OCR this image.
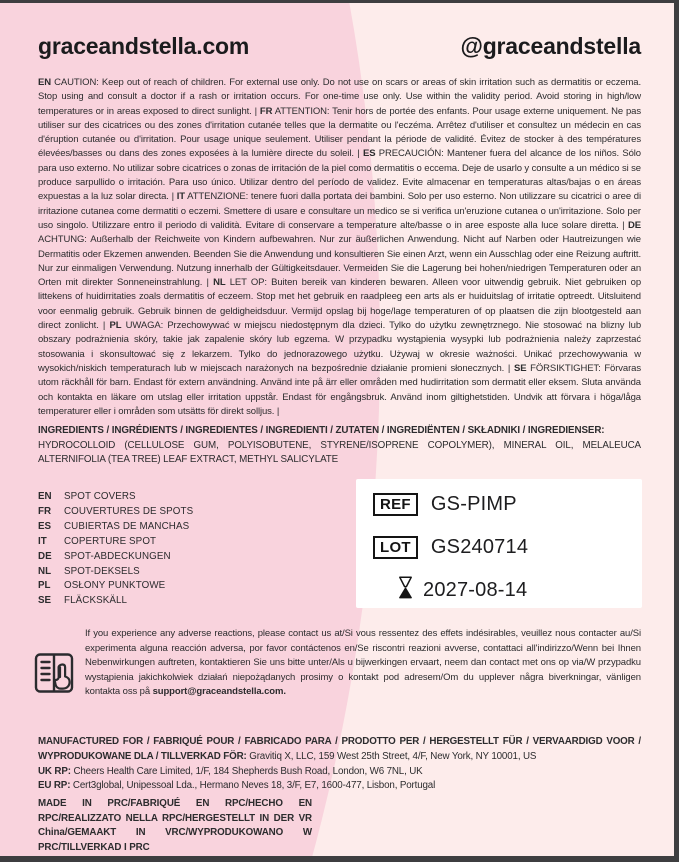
graceandstella.com	@graceandstella
EN CAUTION: Keep out of reach of children. For external use only. Do not use on scars or areas of skin irritation such as dermatitis or eczema. Stop using and consult a doctor if a rash or irritation occurs. For one-time use only. Use within the validity period. Avoid storing in high/low temperatures or in areas exposed to direct sunlight. | FR ATTENTION: Tenir hors de portée des enfants. Pour usage externe uniquement. Ne pas utiliser sur des cicatrices ou des zones d'irritation cutanée telles que la dermatite ou l'eczéma. Arrêtez d'utiliser et consultez un médecin en cas d'éruption cutanée ou d'irritation. Pour usage unique seulement. Utiliser pendant la période de validité. Évitez de stocker à des températures élevées/basses ou dans des zones exposées à la lumière directe du soleil. | ES PRECAUCIÓN: Mantener fuera del alcance de los niños. Sólo para uso externo. No utilizar sobre cicatrices o zonas de irritación de la piel como dermatitis o eccema. Deje de usarlo y consulte a un médico si se produce sarpullido o irritación. Para uso único. Utilizar dentro del período de validez. Evite almacenar en temperaturas altas/bajas o en áreas expuestas a la luz solar directa. | IT ATTENZIONE: tenere fuori dalla portata dei bambini. Solo per uso esterno. Non utilizzare su cicatrici o aree di irritazione cutanea come dermatiti o eczemi. Smettere di usare e consultare un medico se si verifica un'eruzione cutanea o un'irritazione. Solo per uso singolo. Utilizzare entro il periodo di validità. Evitare di conservare a temperature alte/basse o in aree esposte alla luce solare diretta. | DE ACHTUNG: Außerhalb der Reichweite von Kindern aufbewahren. Nur zur äußerlichen Anwendung. Nicht auf Narben oder Hautreizungen wie Dermatitis oder Ekzemen anwenden. Beenden Sie die Anwendung und konsultieren Sie einen Arzt, wenn ein Ausschlag oder eine Reizung auftritt. Nur zur einmaligen Verwendung. Nutzung innerhalb der Gültigkeitsdauer. Vermeiden Sie die Lagerung bei hohen/niedrigen Temperaturen oder an Orten mit direkter Sonneneinstrahlung. | NL LET OP: Buiten bereik van kinderen bewaren. Alleen voor uitwendig gebruik. Niet gebruiken op littekens of huidirritaties zoals dermatitis of eczeem. Stop met het gebruik en raadpleeg een arts als er huiduitslag of irritatie optreedt. Uitsluitend voor eenmalig gebruik. Gebruik binnen de geldigheidsduur. Vermijd opslag bij hoge/lage temperaturen of op plaatsen die zijn blootgesteld aan direct zonlicht. | PL UWAGA: Przechowywać w miejscu niedostępnym dla dzieci. Tylko do użytku zewnętrznego. Nie stosować na blizny lub obszary podrażnienia skóry, takie jak zapalenie skóry lub egzema. W przypadku wystąpienia wysypki lub podrażnienia należy zaprzestać stosowania i skonsultować się z lekarzem. Tylko do jednorazowego użytku. Używaj w okresie ważności. Unikać przechowywania w wysokich/niskich temperaturach lub w miejscach narażonych na bezpośrednie działanie promieni słonecznych. | SE FÖRSIKTIGHET: Förvaras utom räckhåll för barn. Endast för extern användning. Använd inte på ärr eller områden med hudirritation som dermatit eller eksem. Sluta använda och kontakta en läkare om utslag eller irritation uppstår. Endast för engångsbruk. Använd inom giltighetstiden. Undvik att förvara i höga/låga temperaturer eller i områden som utsätts för direkt solljus. |
INGREDIENTS / INGRÉDIENTS / INGREDIENTES / INGREDIENTI / ZUTATEN / INGREDIËNTEN / SKŁADNIKI / INGREDIENSER:
HYDROCOLLOID (CELLULOSE GUM, POLYISOBUTENE, STYRENE/ISOPRENE COPOLYMER), MINERAL OIL, MELALEUCA ALTERNIFOLIA (TEA TREE) LEAF EXTRACT, METHYL SALICYLATE
EN SPOT COVERS
FR COUVERTURES DE SPOTS
ES CUBIERTAS DE MANCHAS
IT COPERTURE SPOT
DE SPOT-ABDECKUNGEN
NL SPOT-DEKSELS
PL OSŁONY PUNKTOWE
SE FLÄCKSKÄLL
REF	GS-PIMP
LOT	GS240714
2027-08-14
If you experience any adverse reactions, please contact us at/Si vous ressentez des effets indésirables, veuillez nous contacter au/Si experimenta alguna reacción adversa, por favor contáctenos en/Se riscontri reazioni avverse, contattaci all'indirizzo/Wenn bei Ihnen Nebenwirkungen auftreten, kontaktieren Sie uns bitte unter/Als u bijwerkingen ervaart, neem dan contact met ons op via/W przypadku wystąpienia jakichkolwiek działań niepożądanych prosimy o kontakt pod adresem/Om du upplever några biverkningar, vänligen kontakta oss på support@graceandstella.com.

MANUFACTURED FOR / FABRIQUÉ POUR / FABRICADO PARA / PRODOTTO PER / HERGESTELLT FÜR / VERVAARDIGD VOOR / WYPRODUKOWANE DLA / TILLVERKAD FÖR: Gravitiq X, LLC, 159 West 25th Street, 4/F, New York, NY 10001, US

UK RP: Cheers Health Care Limited, 1/F, 184 Shepherds Bush Road, London, W6 7NL, UK

EU RP: Cert3global, Unipessoal Lda., Hermano Neves 18, 3/F, E7, 1600-477, Lisbon, Portugal

MADE IN PRC/FABRIQUÉ EN RPC/HECHO EN RPC/REALIZZATO NELLA RPC/HERGESTELLT IN DER VR China/GEMAAKT IN VRC/WYPRODUKOWANO W PRC/TILLVERKAD I PRC
